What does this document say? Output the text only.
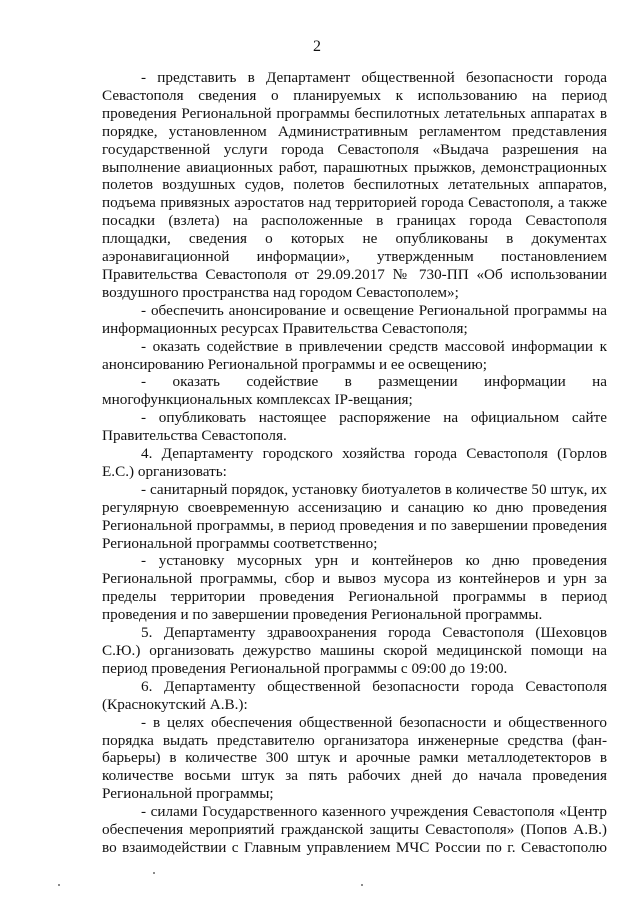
2

- представить в Департамент общественной безопасности города Севастополя сведения о планируемых к использованию на период проведения Региональной программы беспилотных летательных аппаратах в порядке, установленном Административным регламентом представления государственной услуги города Севастополя «Выдача разрешения на выполнение авиационных работ, парашютных прыжков, демонстрационных полетов воздушных судов, полетов беспилотных летательных аппаратов, подъема привязных аэростатов над территорией города Севастополя, а также посадки (взлета) на расположенные в границах города Севастополя площадки, сведения о которых не опубликованы в документах аэронавигационной информации», утвержденным постановлением Правительства Севастополя от 29.09.2017 № 730-ПП «Об использовании воздушного пространства над городом Севастополем»;

- обеспечить анонсирование и освещение Региональной программы на информационных ресурсах Правительства Севастополя;

- оказать содействие в привлечении средств массовой информации к анонсированию Региональной программы и ее освещению;

- оказать содействие в размещении информации на многофункциональных комплексах IP-вещания;

- опубликовать настоящее распоряжение на официальном сайте Правительства Севастополя.

4. Департаменту городского хозяйства города Севастополя (Горлов Е.С.) организовать:

- санитарный порядок, установку биотуалетов в количестве 50 штук, их регулярную своевременную ассенизацию и санацию ко дню проведения Региональной программы, в период проведения и по завершении проведения Региональной программы соответственно;

- установку мусорных урн и контейнеров ко дню проведения Региональной программы, сбор и вывоз мусора из контейнеров и урн за пределы территории проведения Региональной программы в период проведения и по завершении проведения Региональной программы.

5. Департаменту здравоохранения города Севастополя (Шеховцов С.Ю.) организовать дежурство машины скорой медицинской помощи на период проведения Региональной программы с 09:00 до 19:00.

6. Департаменту общественной безопасности города Севастополя (Краснокутский А.В.):

- в целях обеспечения общественной безопасности и общественного порядка выдать представителю организатора инженерные средства (фан-барьеры) в количестве 300 штук и арочные рамки металлодетекторов в количестве восьми штук за пять рабочих дней до начала проведения Региональной программы;

- силами Государственного казенного учреждения Севастополя «Центр обеспечения мероприятий гражданской защиты Севастополя» (Попов А.В.) во взаимодействии с Главным управлением МЧС России по г. Севастополю
